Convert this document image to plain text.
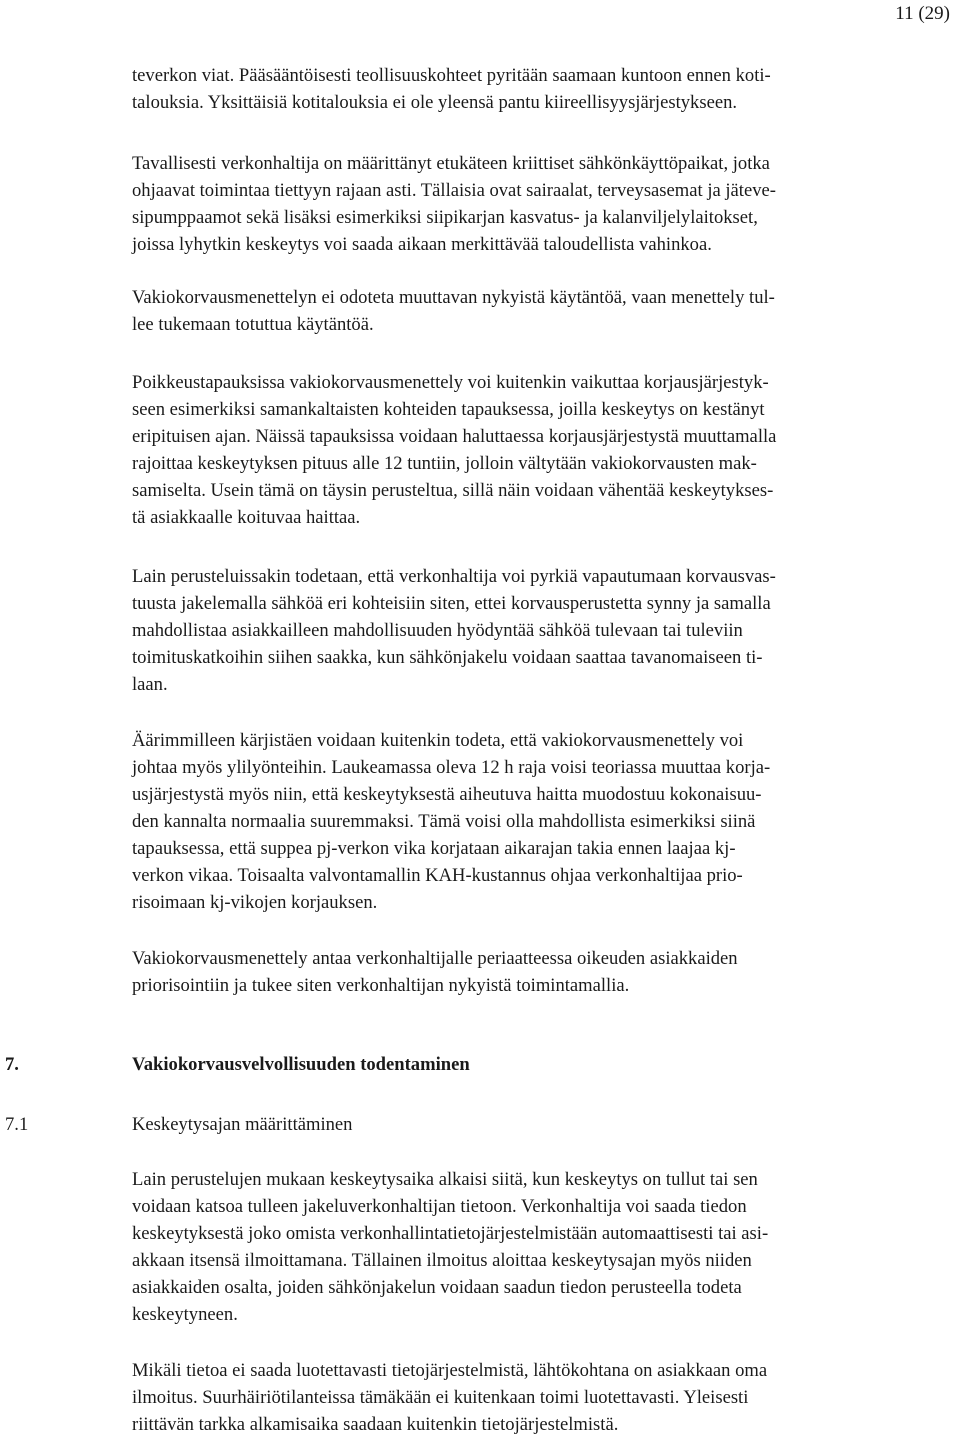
11 (29)
teverkon viat. Pääsääntöisesti teollisuuskohteet pyritään saamaan kuntoon ennen koti-
talouksia. Yksittäisiä kotitalouksia ei ole yleensä pantu kiireellisyysjärjestykseen.
Tavallisesti verkonhaltija on määrittänyt etukäteen kriittiset sähkönkäyttöpaikat, jotka
ohjaavat toimintaa tiettyyn rajaan asti. Tällaisia ovat sairaalat, terveysasemat ja jäteve-
sipumppaamot sekä lisäksi esimerkiksi siipikarjan kasvatus- ja kalanviljelylaitokset,
joissa lyhytkin keskeytys voi saada aikaan merkittävää taloudellista vahinkoa.
Vakiokorvausmenettelyn ei odoteta muuttavan nykyistä käytäntöä, vaan menettely tul-
lee tukemaan totuttua käytäntöä.
Poikkeustapauksissa vakiokorvausmenettely voi kuitenkin vaikuttaa korjausjärjestyk-
seen esimerkiksi samankaltaisten kohteiden tapauksessa, joilla keskeytys on kestänyt
eripituisen ajan. Näissä tapauksissa voidaan haluttaessa korjausjärjestystä muuttamalla
rajoittaa keskeytyksen pituus alle 12 tuntiin, jolloin vältytään vakiokorvausten mak-
samiselta. Usein tämä on täysin perusteltua, sillä näin voidaan vähentää keskeytykses-
tä asiakkaalle koituvaa haittaa.
Lain perusteluissakin todetaan, että verkonhaltija voi pyrkiä vapautumaan korvausvas-
tuusta jakelemalla sähköä eri kohteisiin siten, ettei korvausperustetta synny ja samalla
mahdollistaa asiakkailleen mahdollisuuden hyödyntää sähköä tulevaan tai tuleviin
toimituskatkoihin siihen saakka, kun sähkönjakelu voidaan saattaa tavanomaiseen ti-
laan.
Äärimmilleen kärjistäen voidaan kuitenkin todeta, että vakiokorvausmenettely voi
johtaa myös ylilyönteihin. Laukeamassa oleva 12 h raja voisi teoriassa muuttaa korja-
usjärjestystä myös niin, että keskeytyksestä aiheutuva haitta muodostuu kokonaisuu-
den kannalta normaalia suuremmaksi. Tämä voisi olla mahdollista esimerkiksi siinä
tapauksessa, että suppea pj-verkon vika korjataan aikarajan takia ennen laajaa kj-
verkon vikaa. Toisaalta valvontamallin KAH-kustannus ohjaa verkonhaltijaa prio-
risoimaan kj-vikojen korjauksen.
Vakiokorvausmenettely antaa verkonhaltijalle periaatteessa oikeuden asiakkaiden
priorisointiin ja tukee siten verkonhaltijan nykyistä toimintamallia.
7.	Vakiokorvausvelvollisuuden todentaminen
7.1	Keskeytysajan määrittäminen
Lain perustelujen mukaan keskeytysaika alkaisi siitä, kun keskeytys on tullut tai sen
voidaan katsoa tulleen jakeluverkonhaltijan tietoon. Verkonhaltija voi saada tiedon
keskeytyksestä joko omista verkonhallintatietojärjestelmistään automaattisesti tai asi-
akkaan itsensä ilmoittamana. Tällainen ilmoitus aloittaa keskeytysajan myös niiden
asiakkaiden osalta, joiden sähkönjakelun voidaan saadun tiedon perusteella todeta
keskeytyneen.
Mikäli tietoa ei saada luotettavasti tietojärjestelmistä, lähtökohtana on asiakkaan oma
ilmoitus. Suurhäiriötilanteissa tämäkään ei kuitenkaan toimi luotettavasti. Yleisesti
riittävän tarkka alkamisaika saadaan kuitenkin tietojärjestelmistä.
